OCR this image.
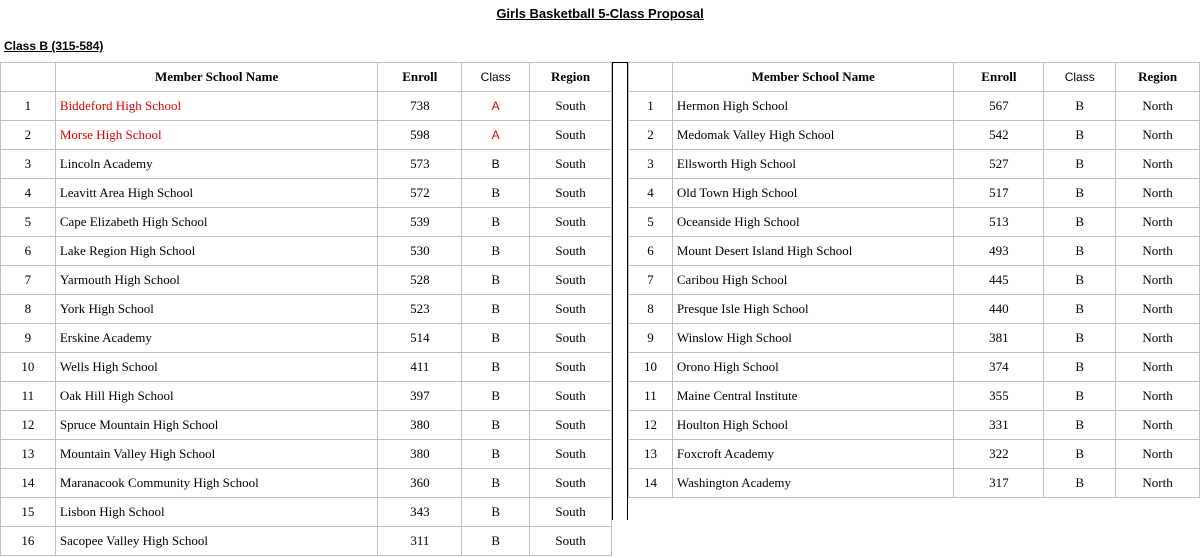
Girls Basketball 5-Class Proposal
Class B (315-584)
	Member School Name	Enroll	Class	Region
1	Biddeford High School	738	A	South
2	Morse High School	598	A	South
3	Lincoln Academy	573	B	South
4	Leavitt Area High School	572	B	South
5	Cape Elizabeth High School	539	B	South
6	Lake Region High School	530	B	South
7	Yarmouth High School	528	B	South
8	York High School	523	B	South
9	Erskine Academy	514	B	South
10	Wells High School	411	B	South
11	Oak Hill High School	397	B	South
12	Spruce Mountain High School	380	B	South
13	Mountain Valley High School	380	B	South
14	Maranacook Community High School	360	B	South
15	Lisbon High School	343	B	South
16	Sacopee Valley High School	311	B	South
	Member School Name	Enroll	Class	Region
1	Hermon High School	567	B	North
2	Medomak Valley High School	542	B	North
3	Ellsworth High School	527	B	North
4	Old Town High School	517	B	North
5	Oceanside High School	513	B	North
6	Mount Desert Island High School	493	B	North
7	Caribou High School	445	B	North
8	Presque Isle High School	440	B	North
9	Winslow High School	381	B	North
10	Orono High School	374	B	North
11	Maine Central Institute	355	B	North
12	Houlton High School	331	B	North
13	Foxcroft Academy	322	B	North
14	Washington Academy	317	B	North
